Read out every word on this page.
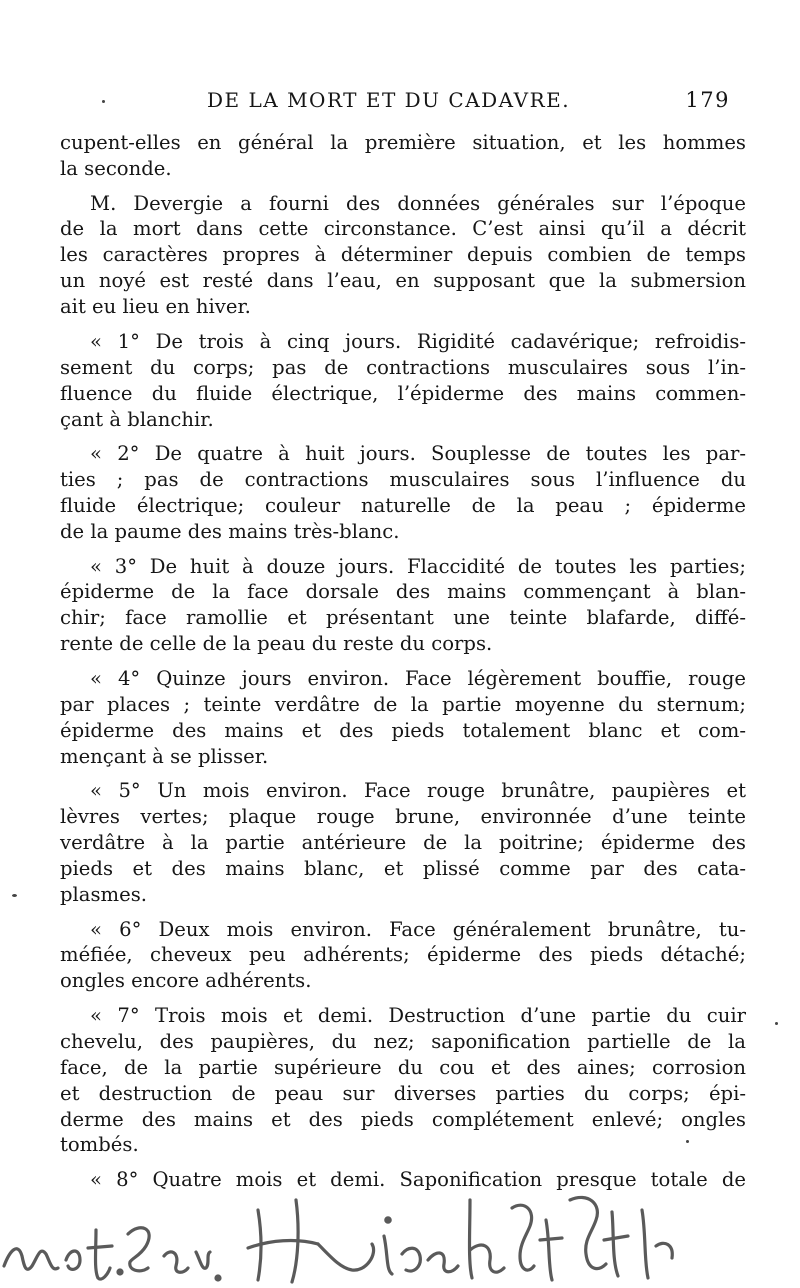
DE LA MORT ET DU CADAVRE.	179
cupent-elles en général la première situation, et les hommes
la seconde.
M. Devergie a fourni des données générales sur l’époque
de la mort dans cette circonstance. C’est ainsi qu’il a décrit
les caractères propres à déterminer depuis combien de temps
un noyé est resté dans l’eau, en supposant que la submersion
ait eu lieu en hiver.
« 1° De trois à cinq jours. Rigidité cadavérique; refroidis-
sement du corps; pas de contractions musculaires sous l’in-
fluence du fluide électrique, l’épiderme des mains commen-
çant à blanchir.
« 2° De quatre à huit jours. Souplesse de toutes les par-
ties ; pas de contractions musculaires sous l’influence du
fluide électrique; couleur naturelle de la peau ; épiderme
de la paume des mains très-blanc.
« 3° De huit à douze jours. Flaccidité de toutes les parties;
épiderme de la face dorsale des mains commençant à blan-
chir; face ramollie et présentant une teinte blafarde, diffé-
rente de celle de la peau du reste du corps.
« 4° Quinze jours environ. Face légèrement bouffie, rouge
par places ; teinte verdâtre de la partie moyenne du sternum;
épiderme des mains et des pieds totalement blanc et com-
mençant à se plisser.
« 5° Un mois environ. Face rouge brunâtre, paupières et
lèvres vertes; plaque rouge brune, environnée d’une teinte
verdâtre à la partie antérieure de la poitrine; épiderme des
pieds et des mains blanc, et plissé comme par des cata-
plasmes.
« 6° Deux mois environ. Face généralement brunâtre, tu-
méfiée, cheveux peu adhérents; épiderme des pieds détaché;
ongles encore adhérents.
« 7° Trois mois et demi. Destruction d’une partie du cuir
chevelu, des paupières, du nez; saponification partielle de la
face, de la partie supérieure du cou et des aines; corrosion
et destruction de peau sur diverses parties du corps; épi-
derme des mains et des pieds complétement enlevé; ongles
tombés.
« 8° Quatre mois et demi. Saponification presque totale de
